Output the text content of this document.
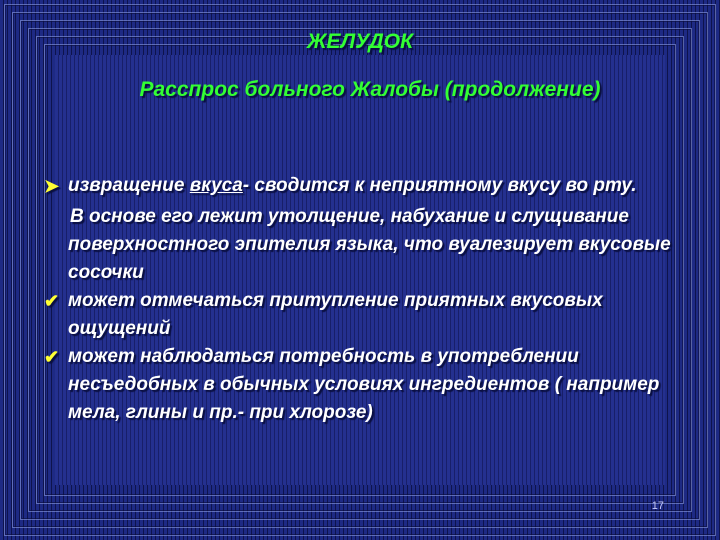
ЖЕЛУДОК
Расспрос больного Жалобы (продолжение)
➤ извращение вкуса- сводится к неприятному вкусу во рту.
В основе его лежит утолщение, набухание и слущивание поверхностного эпителия языка, что вуалезирует вкусовые сосочки
✔ может отмечаться притупление приятных вкусовых ощущений
✔ может наблюдаться потребность в употреблении несъедобных в обычных условиях ингредиентов ( например мела, глины и пр.- при хлорозе)
17
